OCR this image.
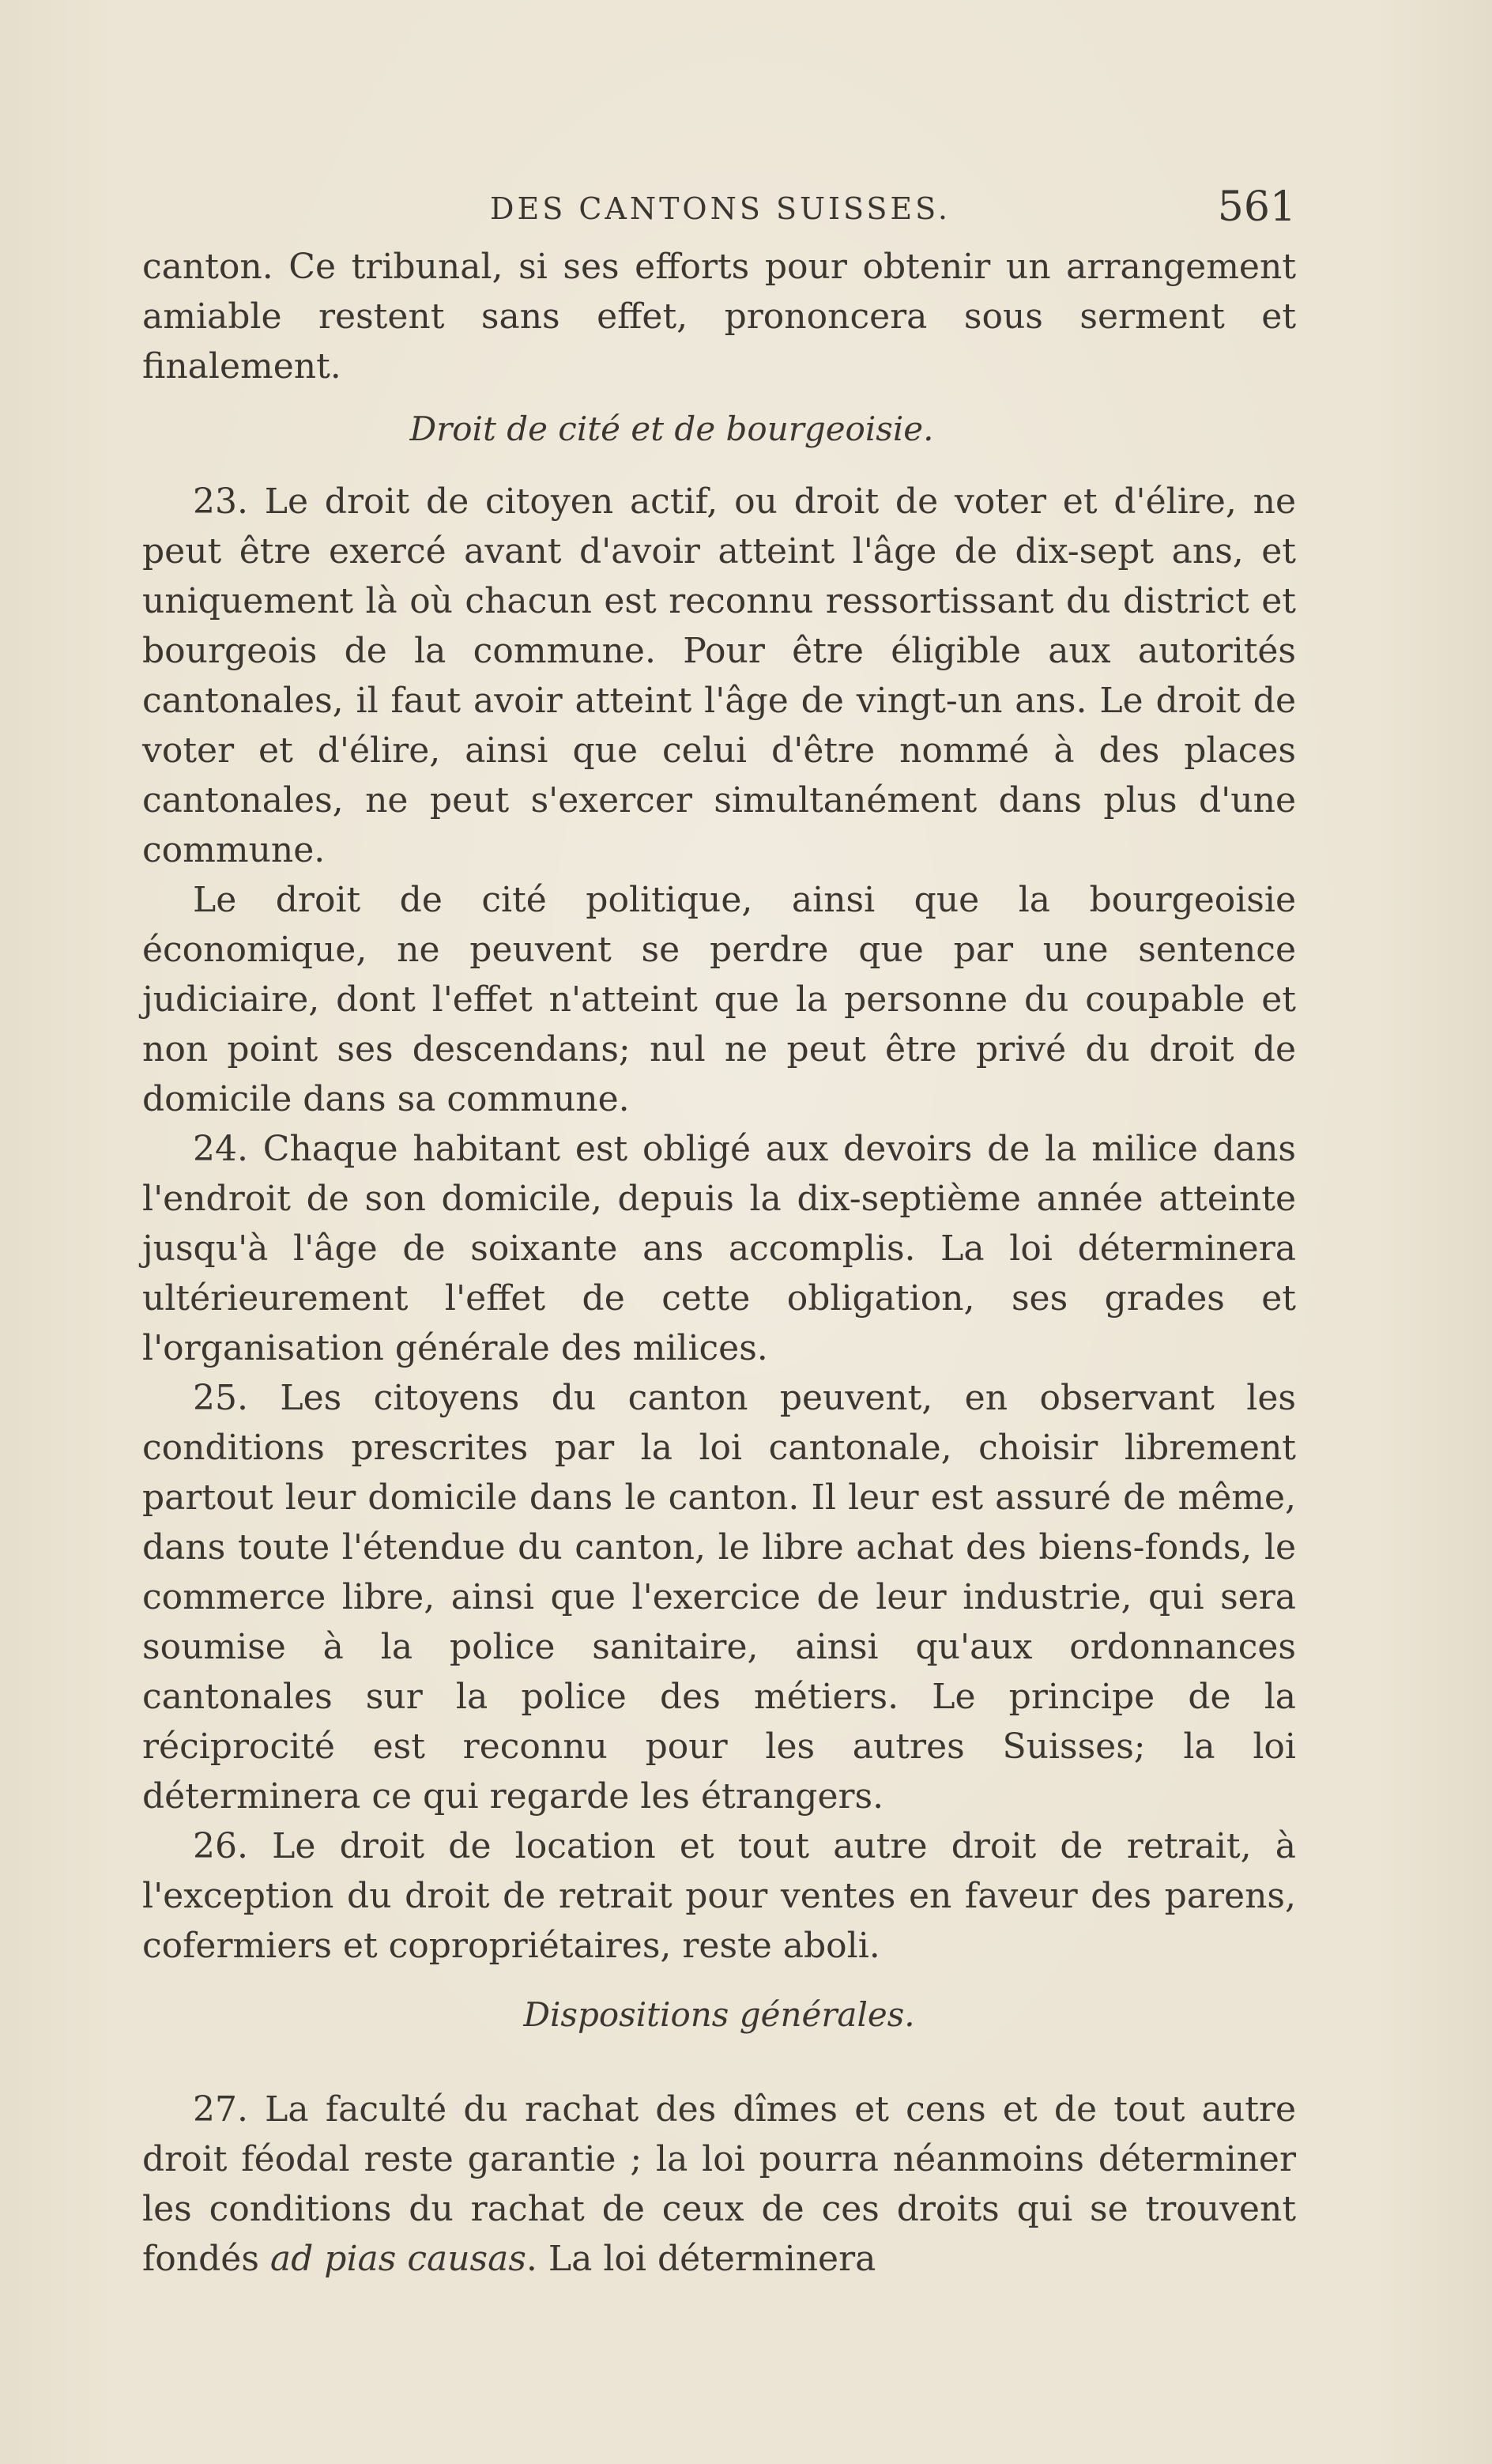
DES CANTONS SUISSES.	561

canton. Ce tribunal, si ses efforts pour obtenir un arrangement amiable restent sans effet, prononcera sous serment et finalement.

Droit de cité et de bourgeoisie.

23. Le droit de citoyen actif, ou droit de voter et d'élire, ne peut être exercé avant d'avoir atteint l'âge de dix-sept ans, et uniquement là où chacun est reconnu ressortissant du district et bourgeois de la commune. Pour être éligible aux autorités cantonales, il faut avoir atteint l'âge de vingt-un ans. Le droit de voter et d'élire, ainsi que celui d'être nommé à des places cantonales, ne peut s'exercer simultanément dans plus d'une commune.

Le droit de cité politique, ainsi que la bourgeoisie économique, ne peuvent se perdre que par une sentence judiciaire, dont l'effet n'atteint que la personne du coupable et non point ses descendans; nul ne peut être privé du droit de domicile dans sa commune.

24. Chaque habitant est obligé aux devoirs de la milice dans l'endroit de son domicile, depuis la dix-septième année atteinte jusqu'à l'âge de soixante ans accomplis. La loi déterminera ultérieurement l'effet de cette obligation, ses grades et l'organisation générale des milices.

25. Les citoyens du canton peuvent, en observant les conditions prescrites par la loi cantonale, choisir librement partout leur domicile dans le canton. Il leur est assuré de même, dans toute l'étendue du canton, le libre achat des biens-fonds, le commerce libre, ainsi que l'exercice de leur industrie, qui sera soumise à la police sanitaire, ainsi qu'aux ordonnances cantonales sur la police des métiers. Le principe de la réciprocité est reconnu pour les autres Suisses; la loi déterminera ce qui regarde les étrangers.

26. Le droit de location et tout autre droit de retrait, à l'exception du droit de retrait pour ventes en faveur des parens, cofermiers et copropriétaires, reste aboli.

Dispositions générales.

27. La faculté du rachat des dîmes et cens et de tout autre droit féodal reste garantie ; la loi pourra néanmoins déterminer les conditions du rachat de ceux de ces droits qui se trouvent fondés ad pias causas. La loi déterminera
